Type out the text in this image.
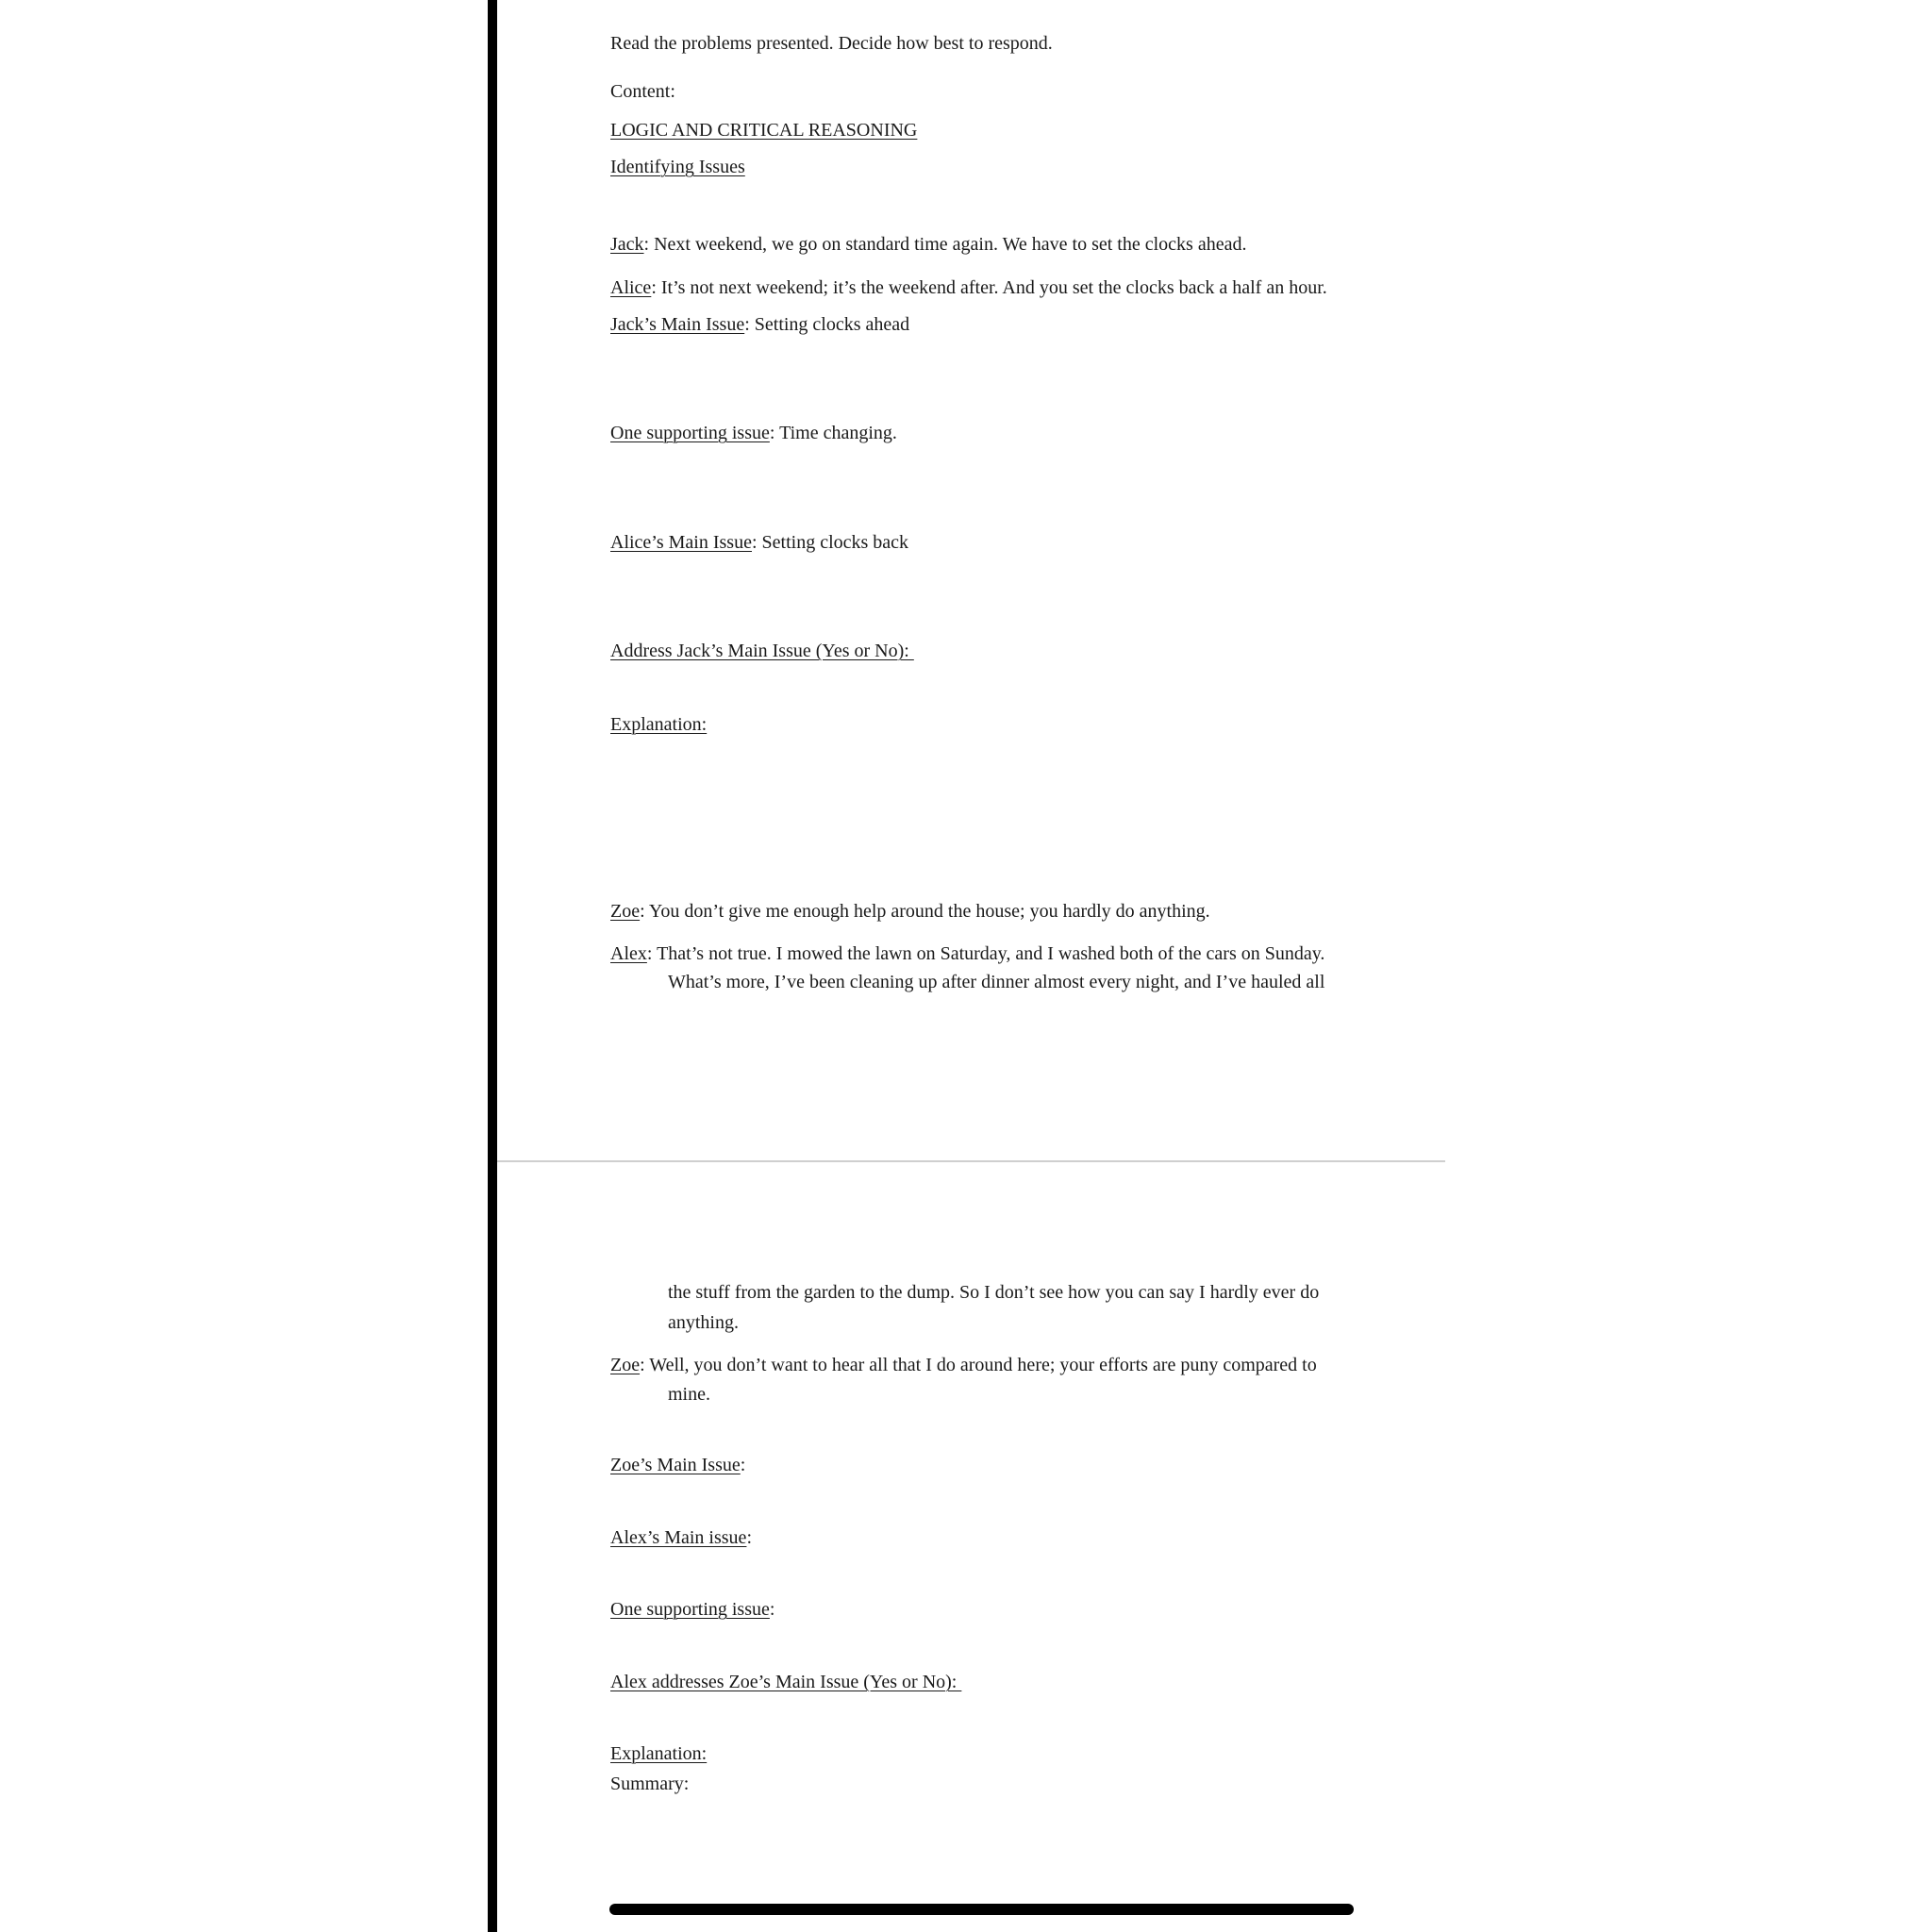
Read the problems presented. Decide how best to respond.
Content:
LOGIC AND CRITICAL REASONING
Identifying Issues
Jack: Next weekend, we go on standard time again. We have to set the clocks ahead.
Alice: It’s not next weekend; it’s the weekend after. And you set the clocks back a half an hour.
Jack’s Main Issue: Setting clocks ahead
One supporting issue: Time changing.
Alice’s Main Issue: Setting clocks back
Address Jack’s Main Issue (Yes or No):
Explanation:
Zoe: You don’t give me enough help around the house; you hardly do anything.
Alex: That’s not true. I mowed the lawn on Saturday, and I washed both of the cars on Sunday.
What’s more, I’ve been cleaning up after dinner almost every night, and I’ve hauled all
the stuff from the garden to the dump. So I don’t see how you can say I hardly ever do
anything.
Zoe: Well, you don’t want to hear all that I do around here; your efforts are puny compared to
mine.
Zoe’s Main Issue:
Alex’s Main issue:
One supporting issue:
Alex addresses Zoe’s Main Issue (Yes or No):
Explanation:
Summary:
